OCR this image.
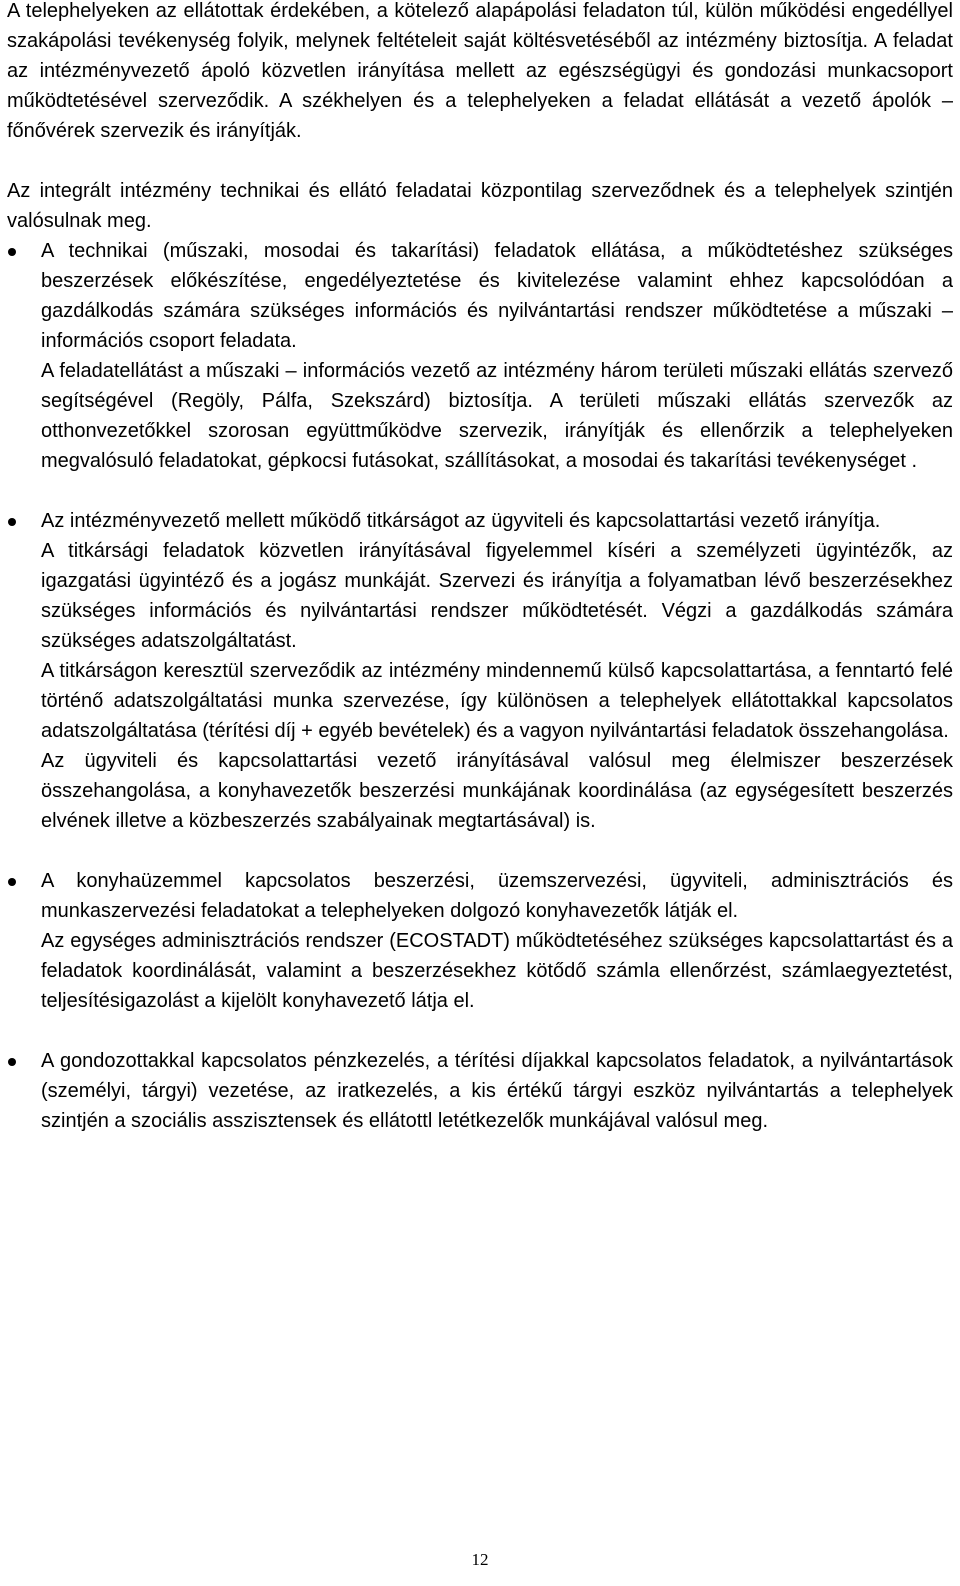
A telephelyeken az ellátottak érdekében, a kötelező alapápolási feladaton túl, külön működési engedéllyel szakápolási tevékenység folyik, melynek feltételeit saját költésvetéséből az intézmény biztosítja. A feladat az intézményvezető ápoló közvetlen irányítása mellett az egészségügyi és gondozási munkacsoport működtetésével szerveződik. A székhelyen és a telephelyeken a feladat ellátását a vezető ápolók – főnővérek szervezik és irányítják.

Az integrált intézmény technikai és ellátó feladatai központilag szerveződnek és a telephelyek szintjén valósulnak meg.

A technikai (műszaki, mosodai és takarítási) feladatok ellátása, a működtetéshez szükséges beszerzések előkészítése, engedélyeztetése és kivitelezése valamint ehhez kapcsolódóan a gazdálkodás számára szükséges információs és nyilvántartási rendszer működtetése a műszaki – információs csoport feladata.

A feladatellátást a műszaki – információs vezető az intézmény három területi műszaki ellátás szervező segítségével (Regöly, Pálfa, Szekszárd) biztosítja. A területi műszaki ellátás szervezők az otthonvezetőkkel szorosan együttműködve szervezik, irányítják és ellenőrzik a telephelyeken megvalósuló feladatokat, gépkocsi futásokat, szállításokat, a mosodai és takarítási tevékenységet .

Az intézményvezető mellett működő titkárságot az ügyviteli és kapcsolattartási vezető irányítja.

A titkársági feladatok közvetlen irányításával figyelemmel kíséri a személyzeti ügyintézők, az igazgatási ügyintéző és a jogász munkáját. Szervezi és irányítja a folyamatban lévő beszerzésekhez szükséges információs és nyilvántartási rendszer működtetését. Végzi a gazdálkodás számára szükséges adatszolgáltatást.

A titkárságon keresztül szerveződik az intézmény mindennemű külső kapcsolattartása, a fenntartó felé történő adatszolgáltatási munka szervezése, így különösen a telephelyek ellátottakkal kapcsolatos adatszolgáltatása (térítési díj + egyéb bevételek) és a vagyon nyilvántartási feladatok összehangolása.

Az ügyviteli és kapcsolattartási vezető irányításával valósul meg élelmiszer beszerzések összehangolása, a konyhavezetők beszerzési munkájának koordinálása (az egységesített beszerzés elvének illetve a közbeszerzés szabályainak megtartásával) is.

A konyhaüzemmel kapcsolatos beszerzési, üzemszervezési, ügyviteli, adminisztrációs és munkaszervezési feladatokat a telephelyeken dolgozó konyhavezetők látják el.

Az egységes adminisztrációs rendszer (ECOSTADT) működtetéséhez szükséges kapcsolattartást és a feladatok koordinálását, valamint a beszerzésekhez kötődő számla ellenőrzést, számlaegyeztetést, teljesítésigazolást a kijelölt konyhavezető látja el.

A gondozottakkal kapcsolatos pénzkezelés, a térítési díjakkal kapcsolatos feladatok, a nyilvántartások (személyi, tárgyi) vezetése, az iratkezelés, a kis értékű tárgyi eszköz nyilvántartás a telephelyek szintjén a szociális asszisztensek és ellátottl letétkezelők munkájával valósul meg.

12
